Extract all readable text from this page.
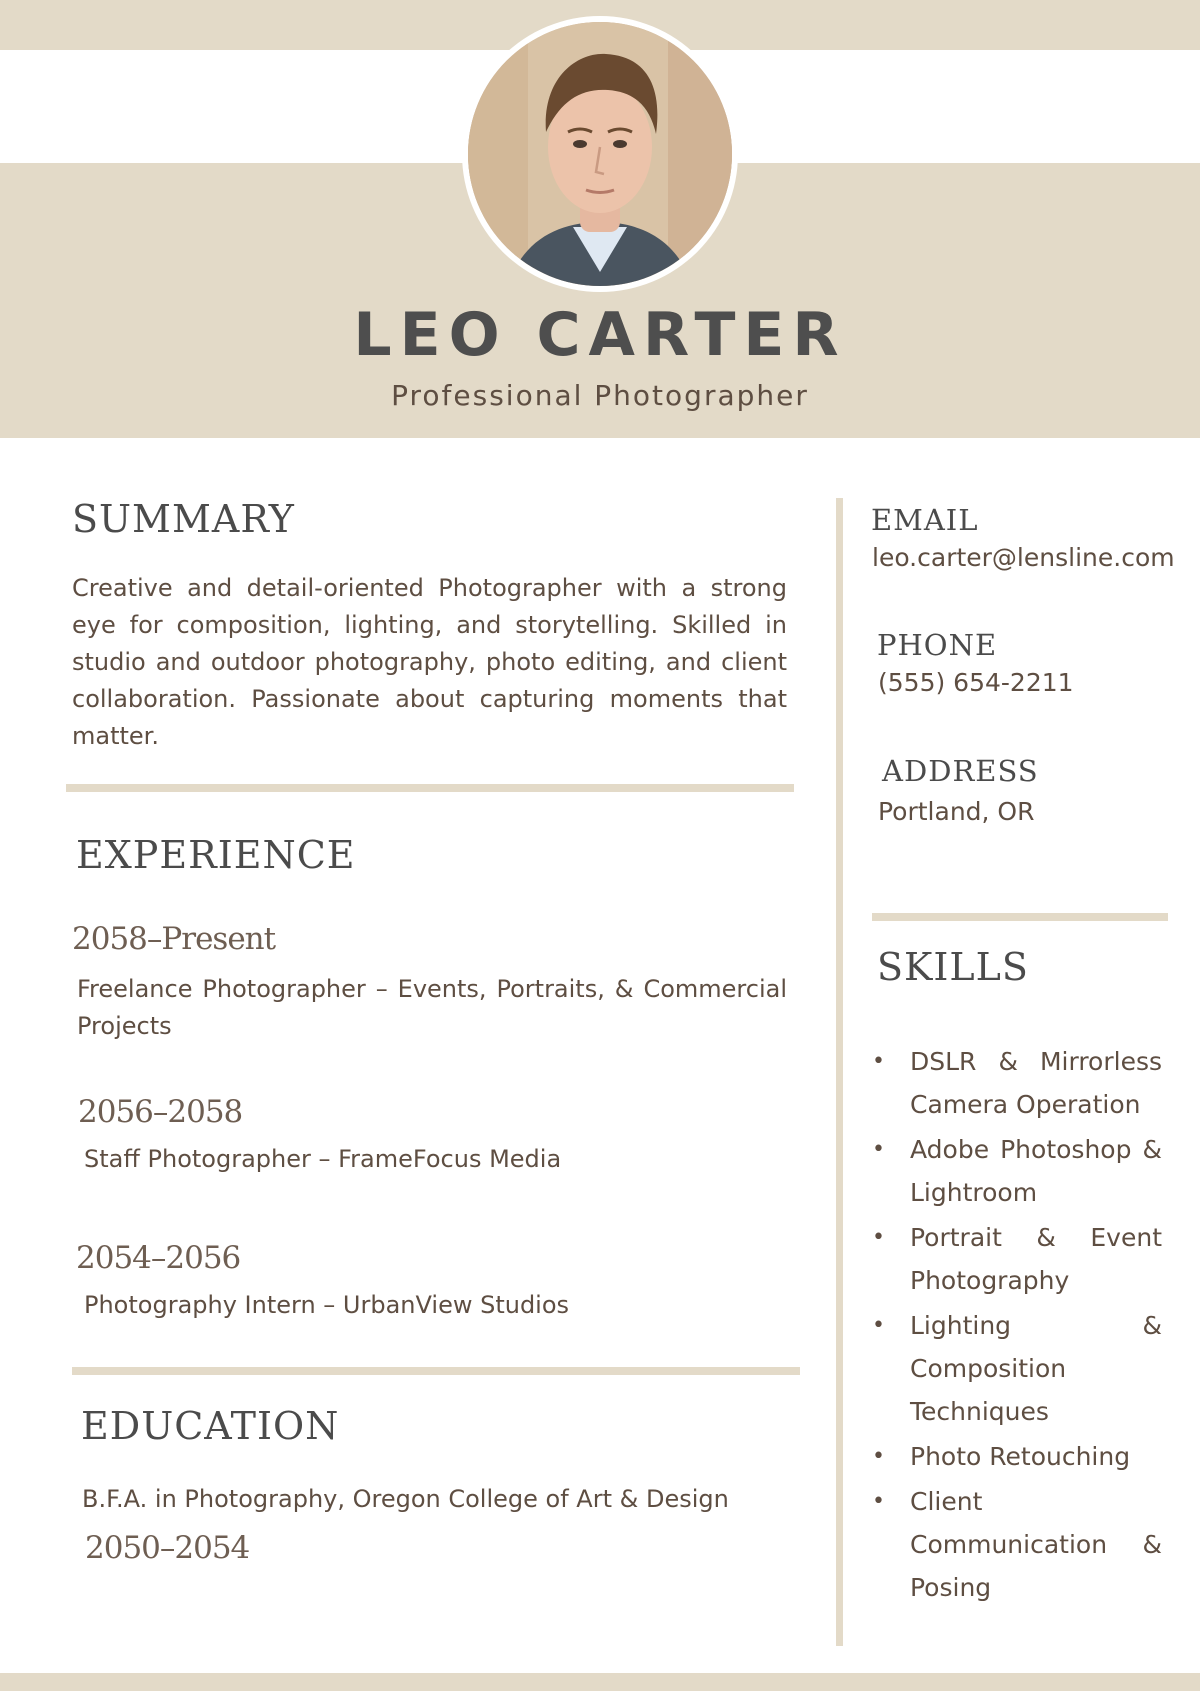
LEO CARTER
Professional Photographer
SUMMARY
Creative and detail-oriented Photographer with a strong eye for composition, lighting, and storytelling. Skilled in studio and outdoor photography, photo editing, and client collaboration. Passionate about capturing moments that matter.
EXPERIENCE
2058–Present
Freelance Photographer – Events, Portraits, & Commercial Projects
2056–2058
Staff Photographer – FrameFocus Media
2054–2056
Photography Intern – UrbanView Studios
EDUCATION
B.F.A. in Photography, Oregon College of Art & Design
2050–2054
EMAIL
leo.carter@lensline.com
PHONE
(555) 654-2211
ADDRESS
Portland, OR
SKILLS
• DSLR & Mirrorless Camera Operation
• Adobe Photoshop & Lightroom
• Portrait & Event Photography
• Lighting & Composition Techniques
• Photo Retouching
• Client Communication & Posing
